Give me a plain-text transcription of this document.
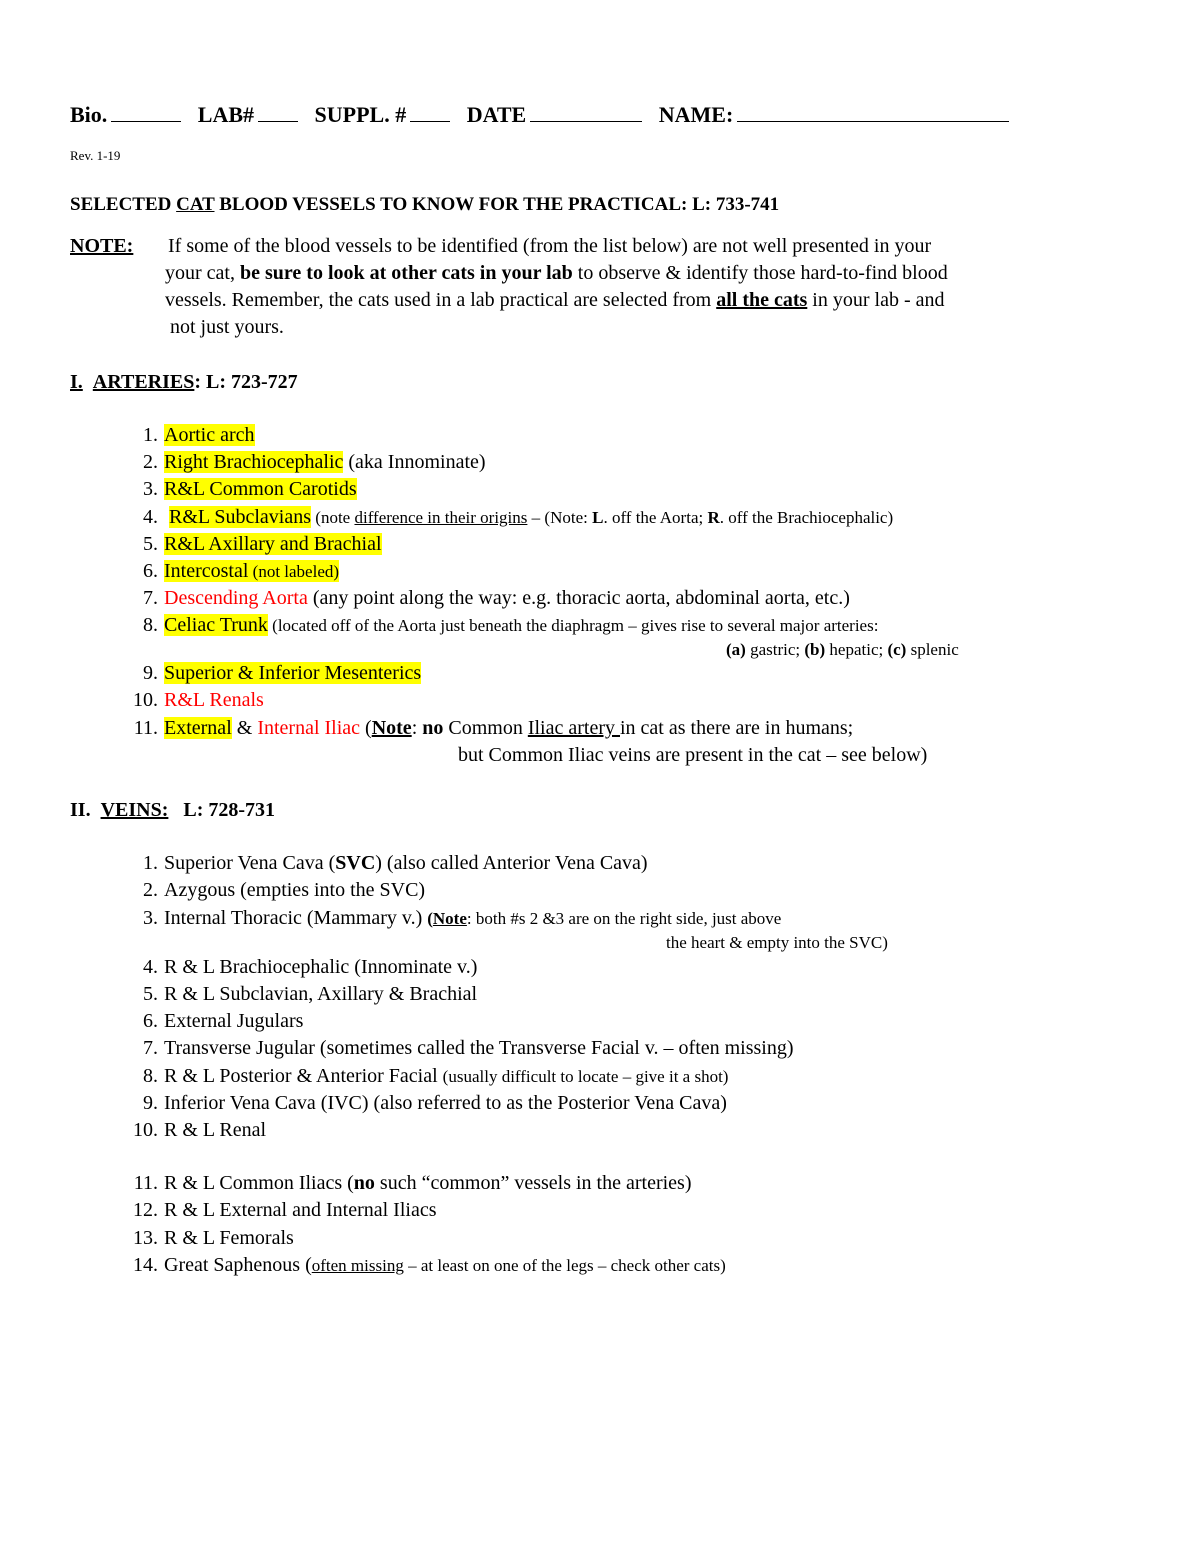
Bio.	LAB#	SUPPL. #	DATE	NAME:
Rev. 1-19
SELECTED CAT BLOOD VESSELS TO KNOW FOR THE PRACTICAL: L: 733-741
NOTE: If some of the blood vessels to be identified (from the list below) are not well presented in your
your cat, be sure to look at other cats in your lab to observe & identify those hard-to-find blood
vessels. Remember, the cats used in a lab practical are selected from all the cats in your lab - and
not just yours.
I. ARTERIES: L: 723-727
1. Aortic arch
2. Right Brachiocephalic (aka Innominate)
3. R&L Common Carotids
4. R&L Subclavians (note difference in their origins – (Note: L. off the Aorta; R. off the Brachiocephalic)
5. R&L Axillary and Brachial
6. Intercostal (not labeled)
7. Descending Aorta (any point along the way: e.g. thoracic aorta, abdominal aorta, etc.)
8. Celiac Trunk (located off of the Aorta just beneath the diaphragm – gives rise to several major arteries:
(a) gastric; (b) hepatic; (c) splenic
9. Superior & Inferior Mesenterics
10. R&L Renals
11. External & Internal Iliac (Note: no Common Iliac artery in cat as there are in humans;
but Common Iliac veins are present in the cat – see below)
II. VEINS: L: 728-731
1. Superior Vena Cava (SVC) (also called Anterior Vena Cava)
2. Azygous (empties into the SVC)
3. Internal Thoracic (Mammary v.) (Note: both #s 2 &3 are on the right side, just above
the heart & empty into the SVC)
4. R & L Brachiocephalic (Innominate v.)
5. R & L Subclavian, Axillary & Brachial
6. External Jugulars
7. Transverse Jugular (sometimes called the Transverse Facial v. – often missing)
8. R & L Posterior & Anterior Facial (usually difficult to locate – give it a shot)
9. Inferior Vena Cava (IVC) (also referred to as the Posterior Vena Cava)
10. R & L Renal
11. R & L Common Iliacs (no such “common” vessels in the arteries)
12. R & L External and Internal Iliacs
13. R & L Femorals
14. Great Saphenous (often missing – at least on one of the legs – check other cats)
